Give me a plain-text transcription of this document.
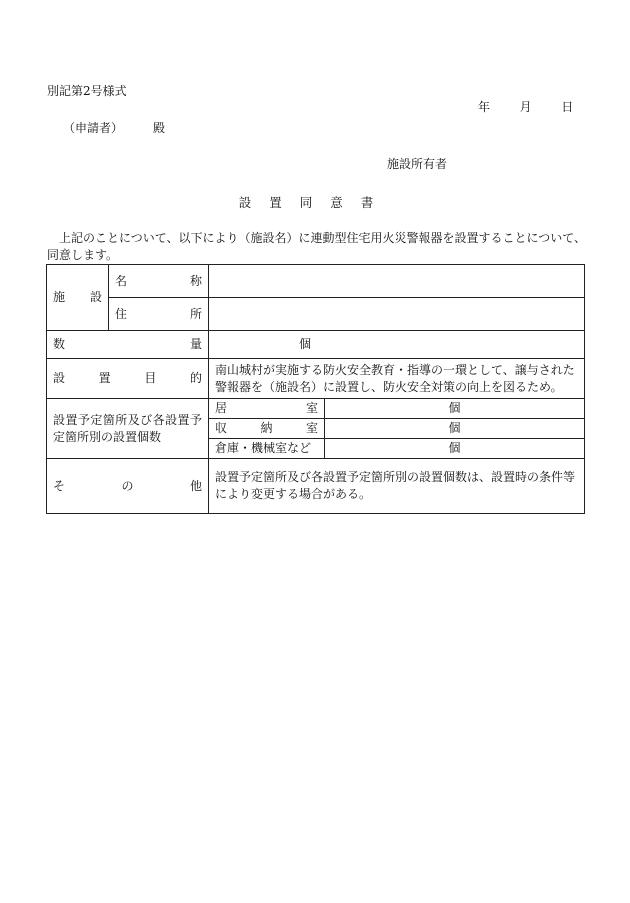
別記第2号様式
年 月 日
（申請者）　　　殿
施設所有者
設置同意書
上記のことについて、以下により（施設名）に連動型住宅用火災警報器を設置することについて、同意します。
施設	名称		
	住所		
数量		個	
設置目的		南山城村が実施する防火安全教育・指導の一環として、譲与された警報器を（施設名）に設置し、防火安全対策の向上を図るため。	
設置予定箇所及び各設置予定箇所別の設置個数		居室	個
		収納室	個
		倉庫・機械室など	個
その他		設置予定箇所及び各設置予定箇所別の設置個数は、設置時の条件等により変更する場合がある。	
